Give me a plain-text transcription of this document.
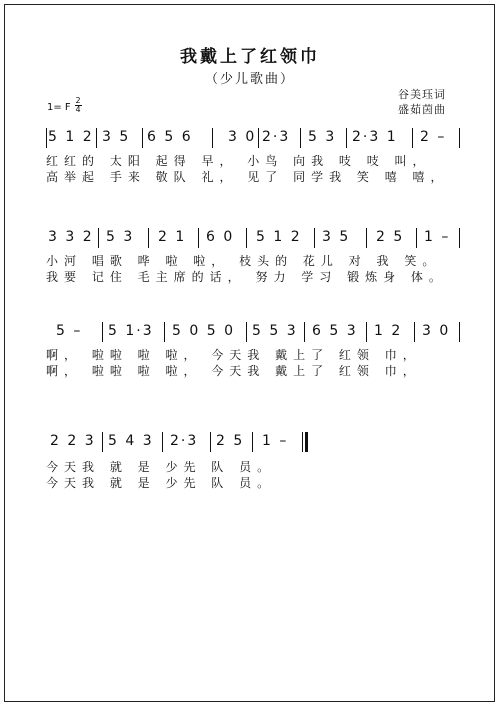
我戴上了红领巾
（少儿歌曲）
谷美珏词
盛茹茵曲
1= F
2
4
5 1 2 3 5 6 5 6	3 0 2·3 5 3 2·3 1 2 –
红红的 太阳 起得 早， 小鸟 向我 吱 吱 叫，
高举起 手来 敬队 礼， 见了 同学我 笑 嘻 嘻，
3 3 2 5 3 2 1 6 0 5 1 2 3 5 2 5 1 –
小河 唱歌 哗 啦 啦， 枝头的 花儿 对 我 笑。
我要 记住 毛主席的话， 努力 学习 锻炼身 体。
5 – 5 1·3 5 0 5 0 5 5 3 6 5 3 1 2 3 0
啊， 啦啦 啦 啦， 今天我 戴上了 红领 巾，
啊， 啦啦 啦 啦， 今天我 戴上了 红领 巾，
2 2 3 5 4 3 2·3 2 5 1 –
今天我 就 是 少先 队 员。
今天我 就 是 少先 队 员。
